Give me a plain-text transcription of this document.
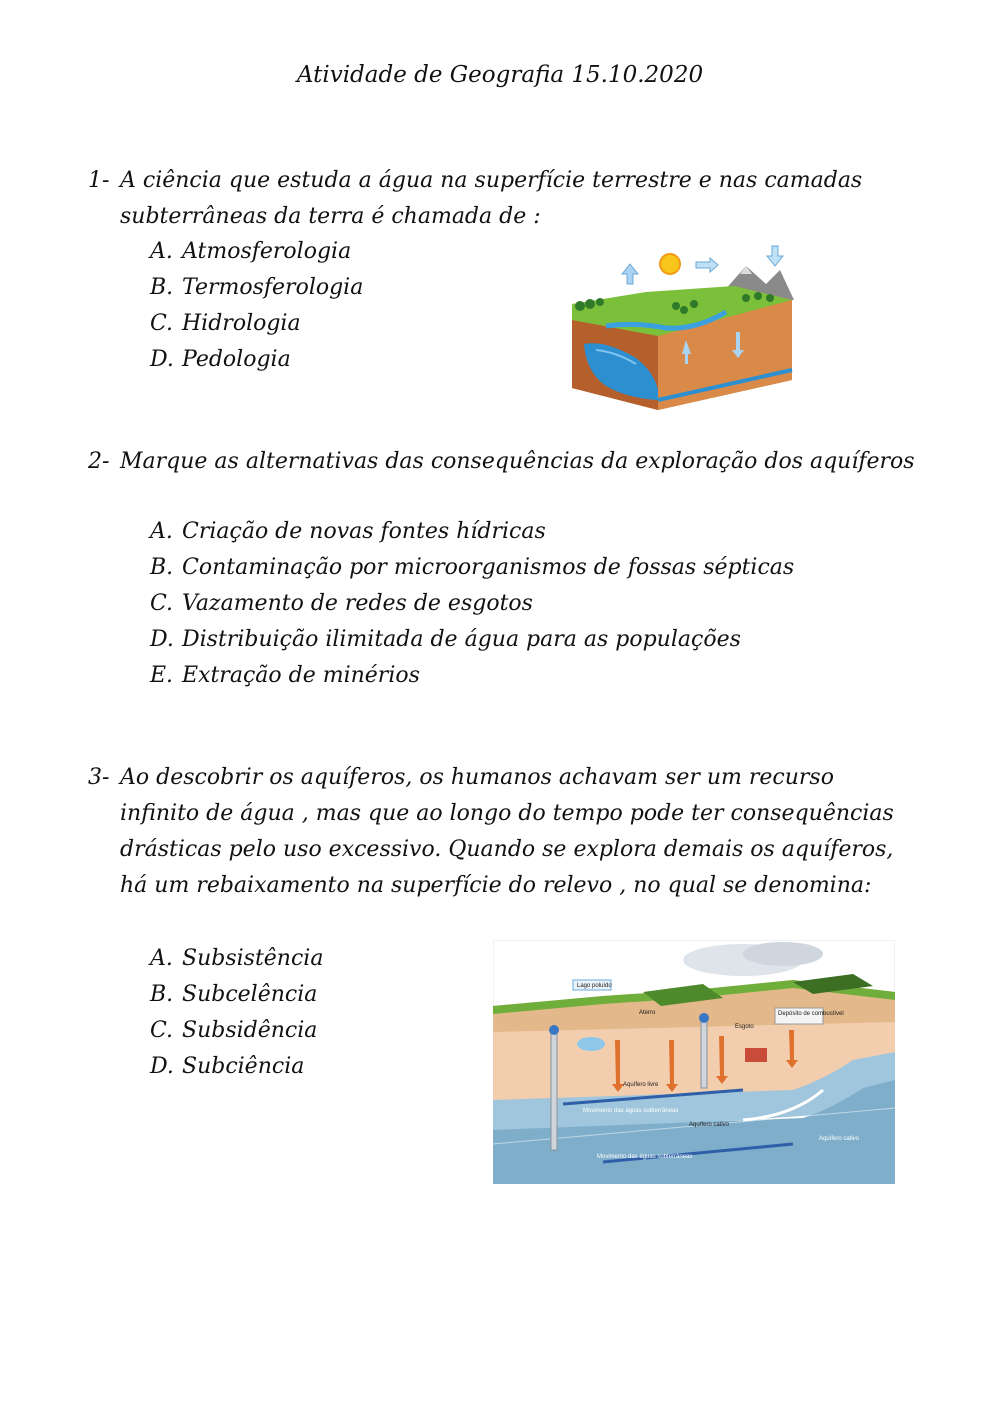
Atividade de Geografia 15.10.2020
1- A ciência que estuda a água na superfície terrestre e nas camadas subterrâneas da terra é chamada de :
A. Atmosferologia
B. Termosferologia
C. Hidrologia
D. Pedologia
2- Marque as alternativas das consequências da exploração dos aquíferos
A. Criação de novas fontes hídricas
B. Contaminação por microorganismos de fossas sépticas
C. Vazamento de redes de esgotos
D. Distribuição ilimitada de água para as populações
E. Extração de minérios
3- Ao descobrir os aquíferos, os humanos achavam ser um recurso infinito de água , mas que ao longo do tempo pode ter consequências drásticas pelo uso excessivo. Quando se explora demais os aquíferos, há um rebaixamento na superfície do relevo , no qual se denomina:
A. Subsistência
B. Subcelência
C. Subsidência
D. Subciência
Lago poluído
Aterro
Esgoto
Depósito de combustível
Aquífero livre
Movimento das águas subterrâneas
Aquífero cativo
Movimento das águas subterrâneas
Aquífero cativo
